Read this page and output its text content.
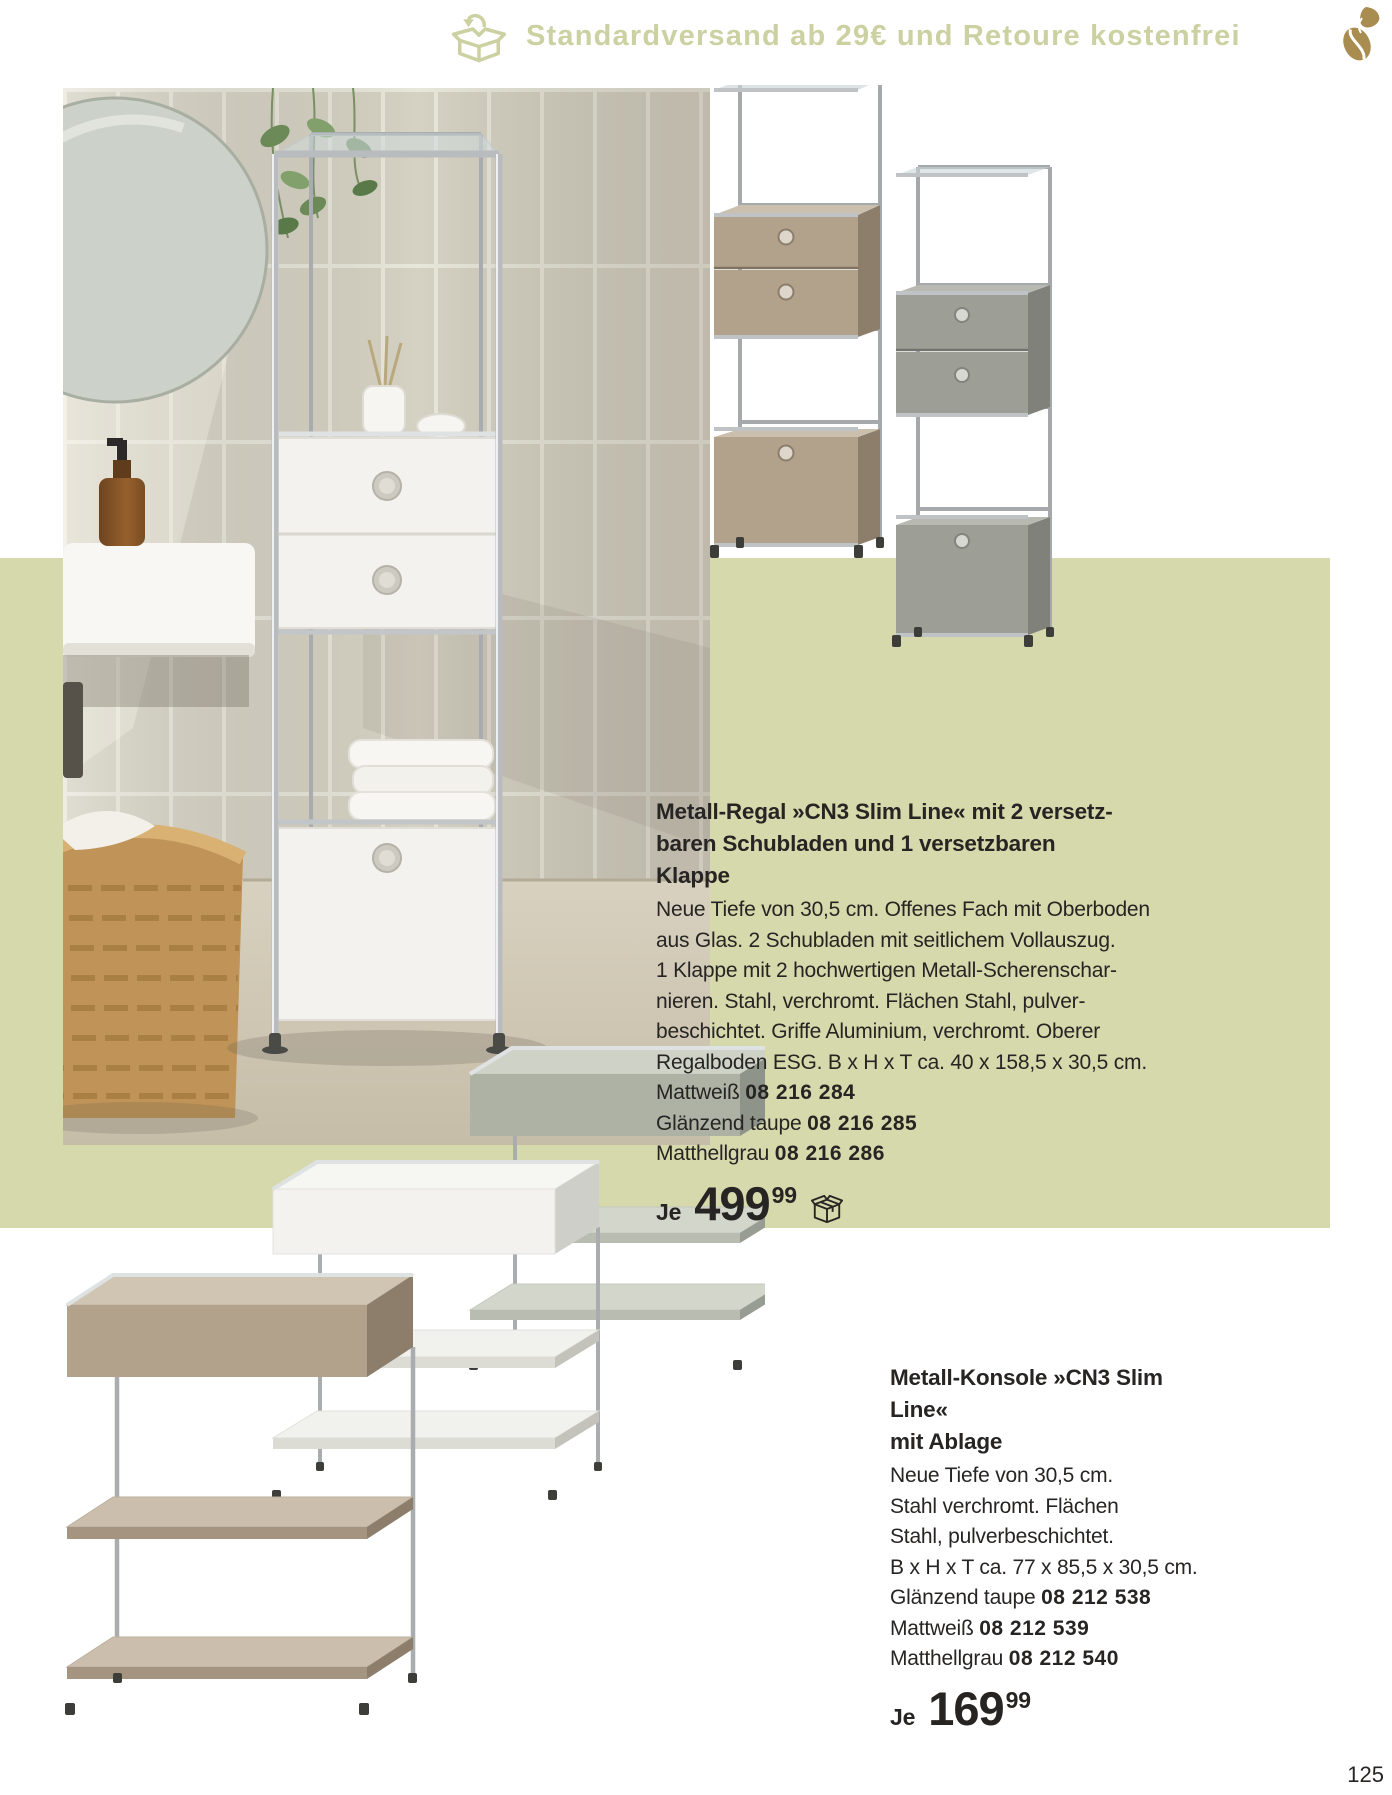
Standardversand ab 29€ und Retoure kostenfrei
Metall-Regal »CN3 Slim Line« mit 2 versetz-
baren Schubladen und 1 versetzbaren Klappe
Neue Tiefe von 30,5 cm. Offenes Fach mit Oberboden
aus Glas. 2 Schubladen mit seitlichem Vollauszug.
1 Klappe mit 2 hochwertigen Metall-Scherenschar-
nieren. Stahl, verchromt. Flächen Stahl, pulver-
beschichtet. Griffe Aluminium, verchromt. Oberer
Regalboden ESG. B x H x T ca. 40 x 158,5 x 30,5 cm.
Mattweiß 08 216 284
Glänzend taupe 08 216 285
Matthellgrau 08 216 286
Je 499 99
Metall-Konsole »CN3 Slim Line«
mit Ablage
Neue Tiefe von 30,5 cm.
Stahl verchromt. Flächen
Stahl, pulverbeschichtet.
B x H x T ca. 77 x 85,5 x 30,5 cm.
Glänzend taupe 08 212 538
Mattweiß 08 212 539
Matthellgrau 08 212 540
Je 169 99
125
